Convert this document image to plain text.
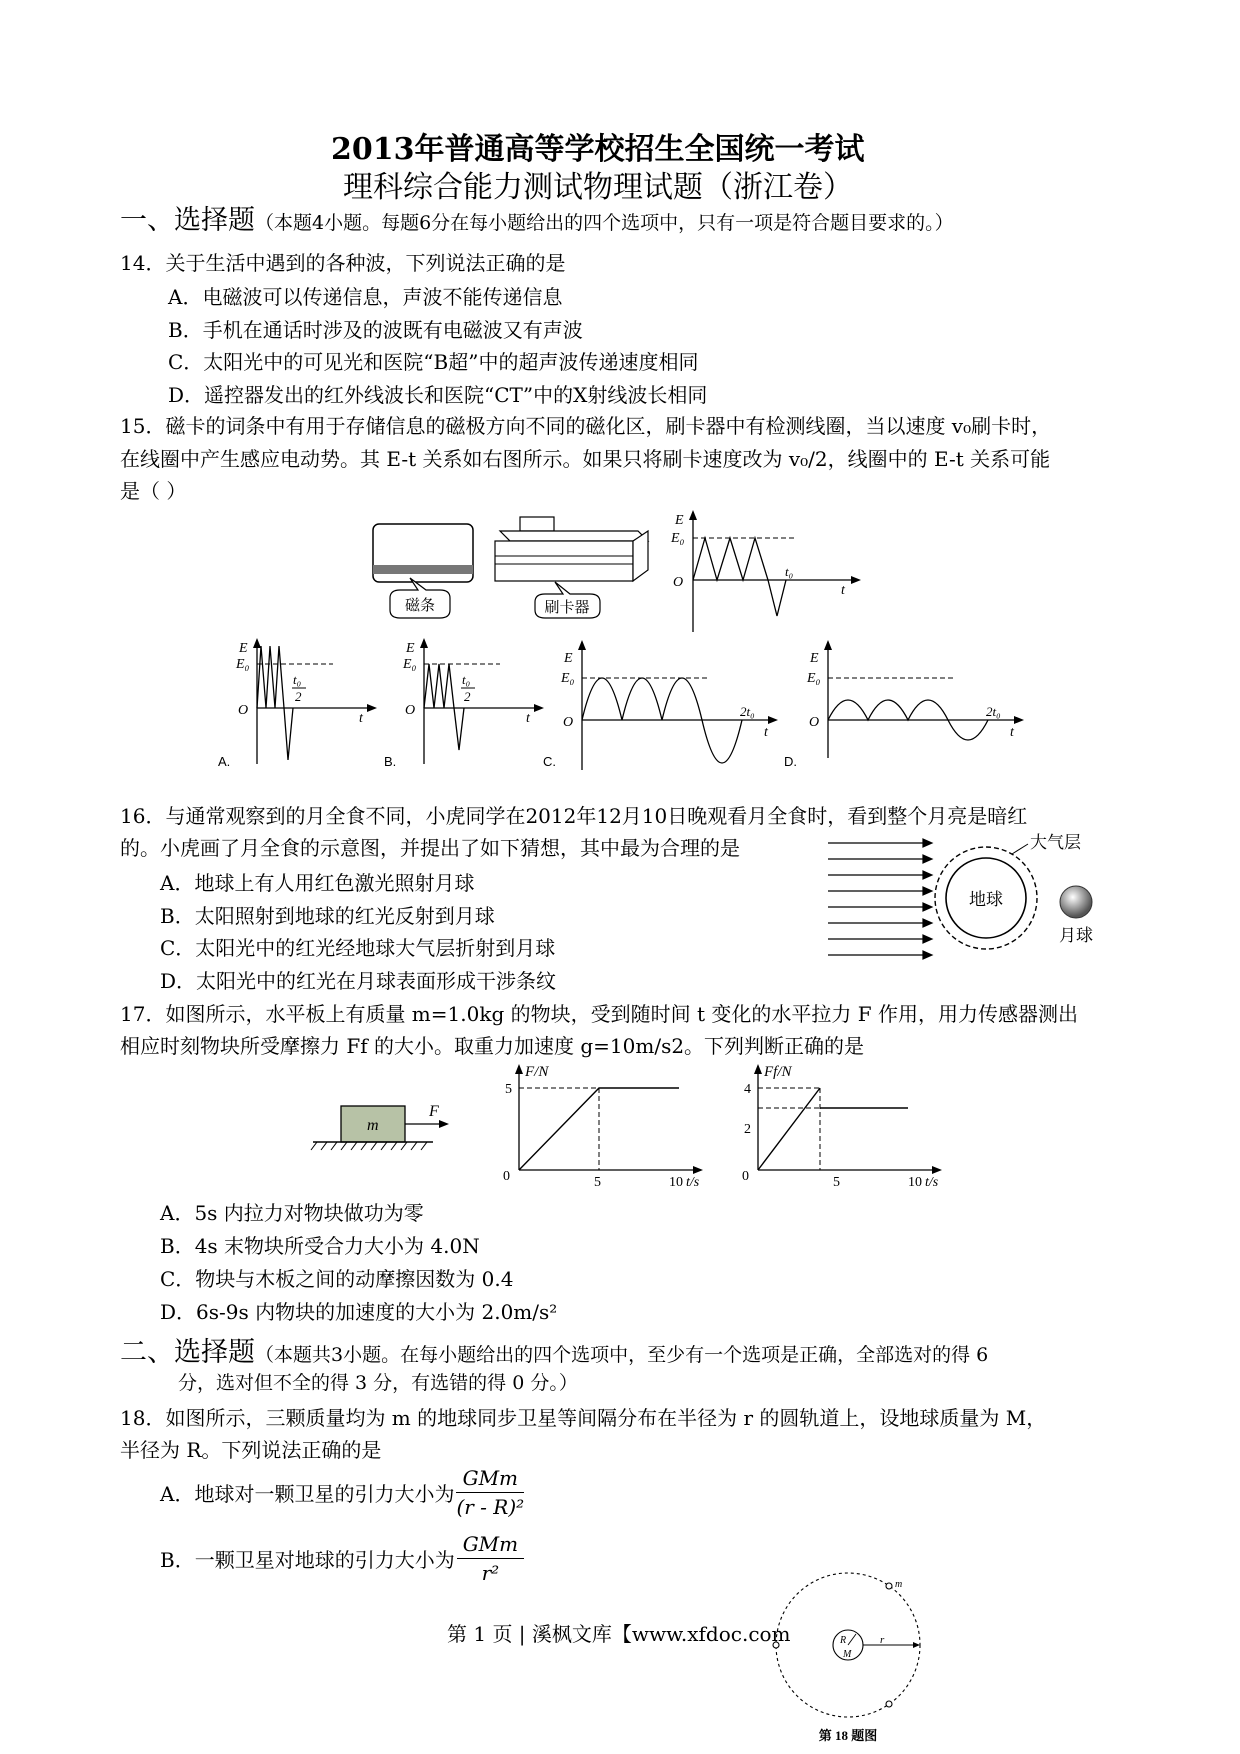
2013年普通高等学校招生全国统一考试
理科综合能力测试物理试题（浙江卷）
一、选择题（本题4小题。每题6分在每小题给出的四个选项中，只有一项是符合题目要求的。）
14．关于生活中遇到的各种波，下列说法正确的是
A．电磁波可以传递信息，声波不能传递信息
B．手机在通话时涉及的波既有电磁波又有声波
C．太阳光中的可见光和医院“B超”中的超声波传递速度相同
D．遥控器发出的红外线波长和医院“CT”中的X射线波长相同
15．磁卡的词条中有用于存储信息的磁极方向不同的磁化区，刷卡器中有检测线圈，当以速度 v₀刷卡时，
在线圈中产生感应电动势。其 E-t 关系如右图所示。如果只将刷卡速度改为 v₀/2，线圈中的 E-t 关系可能
是（ ）
磁条	刷卡器
E
E₀
O
t₀
t
E
E₀
O
t₀
2
t
A.
E
E₀
O
t₀
2
t
B.
E
E₀
O
2t₀
t
C.
E
E₀
O
2t₀
t
D.
16．与通常观察到的月全食不同，小虎同学在2012年12月10日晚观看月全食时，看到整个月亮是暗红
的。小虎画了月全食的示意图，并提出了如下猜想，其中最为合理的是
A．地球上有人用红色激光照射月球
B．太阳照射到地球的红光反射到月球
C．太阳光中的红光经地球大气层折射到月球
D．太阳光中的红光在月球表面形成干涉条纹
地球
大气层
月球
17．如图所示，水平板上有质量 m=1.0kg 的物块，受到随时间 t 变化的水平拉力 F 作用，用力传感器测出
相应时刻物块所受摩擦力 Ff 的大小。取重力加速度 g=10m/s2。下列判断正确的是
m
F
F/N
5
0	5	10 t/s
Ff/N
4
2
0	5	10 t/s
A．5s 内拉力对物块做功为零
B．4s 末物块所受合力大小为 4.0N
C．物块与木板之间的动摩擦因数为 0.4
D．6s-9s 内物块的加速度的大小为 2.0m/s²
二、选择题（本题共3小题。在每小题给出的四个选项中，至少有一个选项是正确，全部选对的得 6
分，选对但不全的得 3 分，有选错的得 0 分。）
18．如图所示，三颗质量均为 m 的地球同步卫星等间隔分布在半径为 r 的圆轨道上，设地球质量为 M，
半径为 R。下列说法正确的是
A．地球对一颗卫星的引力大小为 $\frac{\text{GMm}}{\text{(r - R)²}}$
B．一颗卫星对地球的引力大小为 $\frac{\text{GMm}}{\text{r²}}$
R
M
r
m
第 18 题图
第 1 页 | 溪枫文库【www.xfdoc.com
